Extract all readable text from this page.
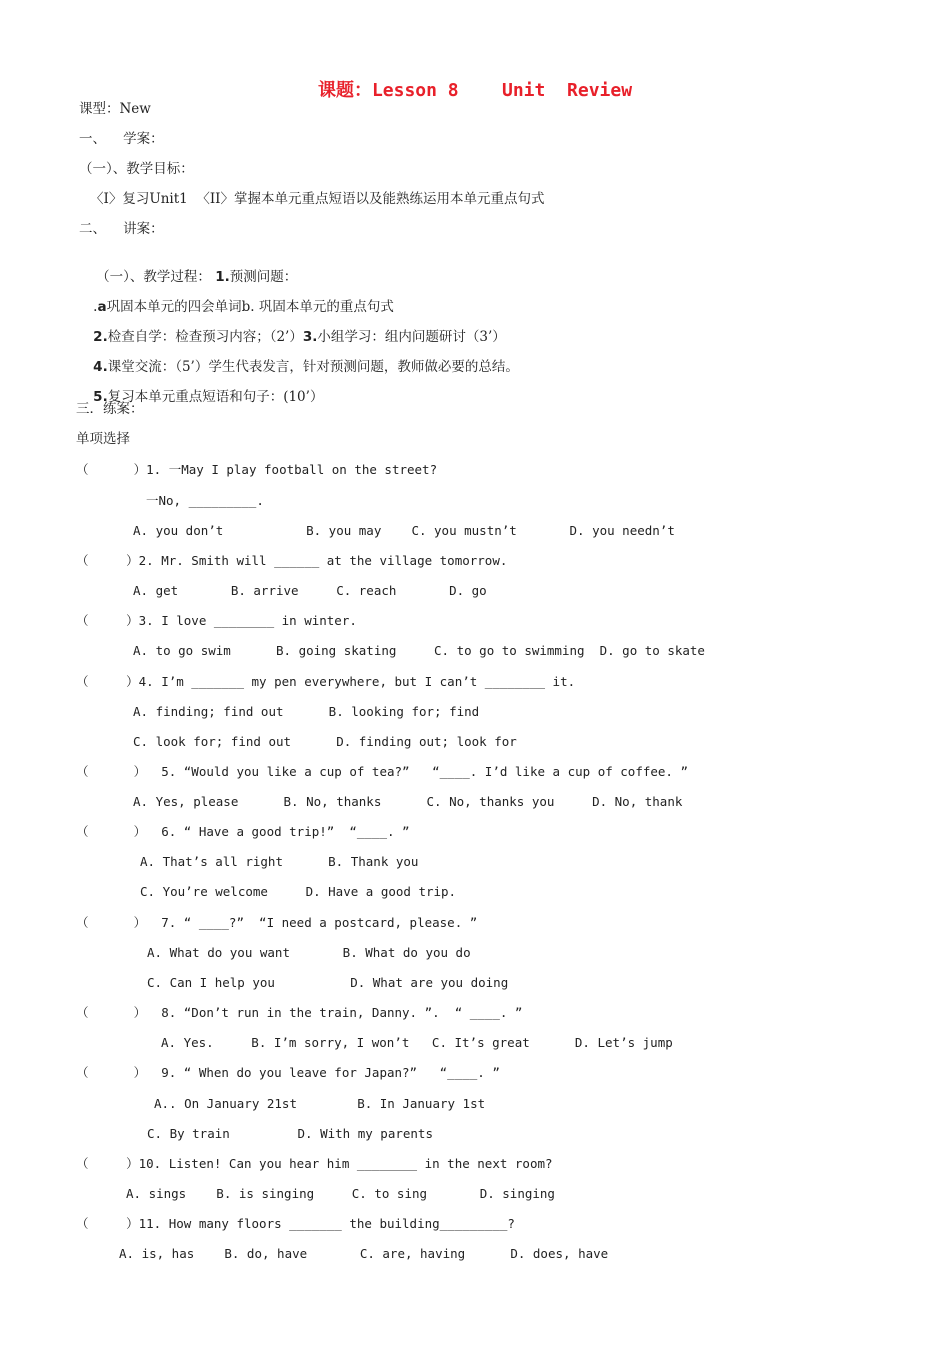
课题：Lesson 8    Unit  Review
课型：New
一、    学案：
（一）、教学目标：
〈I〉复习Unit1  〈II〉掌握本单元重点短语以及能熟练运用本单元重点句式
二、    讲案：

（一）、教学过程： 1.预测问题：

.a巩固本单元的四会单词b. 巩固本单元的重点句式

2.检查自学：检查预习内容；（2’）3.小组学习：组内问题研讨（3’）

4.课堂交流：（5’）学生代表发言，针对预测问题，教师做必要的总结。

5.复习本单元重点短语和句子：(10’）

三．练案：
单项选择
（      ）1. 一May I play football on the street?
一No, _________.
A. you don’t           B. you may    C. you mustn’t       D. you needn’t
（     ）2. Mr. Smith will ______ at the village tomorrow.
A. get       B. arrive     C. reach       D. go
（     ）3. I love ________ in winter.
A. to go swim      B. going skating     C. to go to swimming  D. go to skate
（     ）4. I’m _______ my pen everywhere, but I can’t ________ it.
A. finding; find out      B. looking for; find
C. look for; find out      D. finding out; look for
（      ）  5. “Would you like a cup of tea?”   “____. I’d like a cup of coffee. ”
A. Yes, please      B. No, thanks      C. No, thanks you     D. No, thank
（      ）  6. “ Have a good trip!”  “____. ”
A. That’s all right      B. Thank you
C. You’re welcome     D. Have a good trip.
（      ）  7. “ ____?”  “I need a postcard, please. ”
A. What do you want       B. What do you do
C. Can I help you          D. What are you doing
（      ）  8. “Don’t run in the train, Danny. ”.  “ ____. ”
A. Yes.     B. I’m sorry, I won’t   C. It’s great      D. Let’s jump
（      ）  9. “ When do you leave for Japan?”   “____. ”
A.. On January 21st        B. In January 1st
C. By train         D. With my parents
（     ）10. Listen! Can you hear him ________ in the next room?
A. sings    B. is singing     C. to sing       D. singing
（     ）11. How many floors _______ the building_________?
A. is, has    B. do, have       C. are, having      D. does, have
